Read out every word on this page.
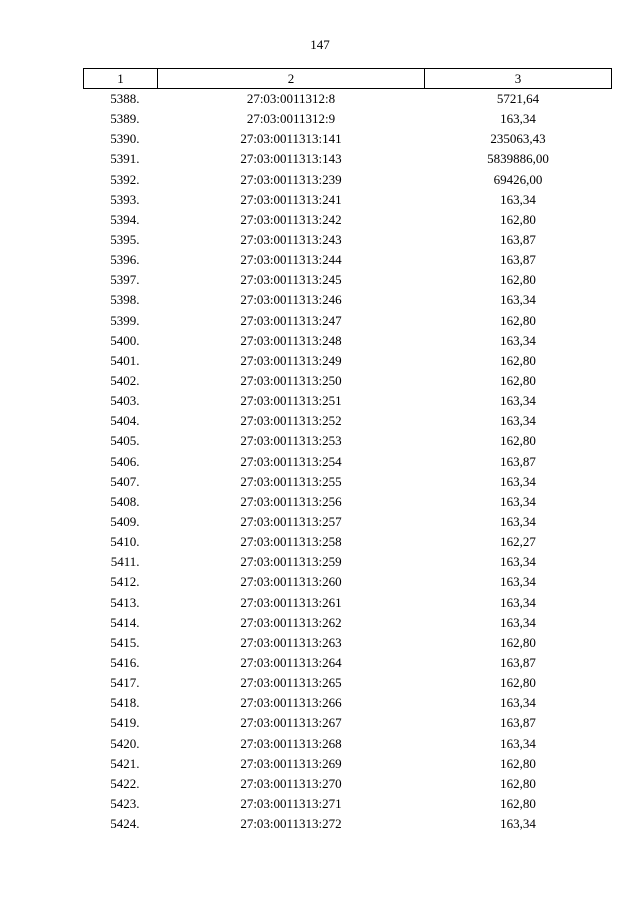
147
1	2	3
5388.	27:03:0011312:8	5721,64
5389.	27:03:0011312:9	163,34
5390.	27:03:0011313:141	235063,43
5391.	27:03:0011313:143	5839886,00
5392.	27:03:0011313:239	69426,00
5393.	27:03:0011313:241	163,34
5394.	27:03:0011313:242	162,80
5395.	27:03:0011313:243	163,87
5396.	27:03:0011313:244	163,87
5397.	27:03:0011313:245	162,80
5398.	27:03:0011313:246	163,34
5399.	27:03:0011313:247	162,80
5400.	27:03:0011313:248	163,34
5401.	27:03:0011313:249	162,80
5402.	27:03:0011313:250	162,80
5403.	27:03:0011313:251	163,34
5404.	27:03:0011313:252	163,34
5405.	27:03:0011313:253	162,80
5406.	27:03:0011313:254	163,87
5407.	27:03:0011313:255	163,34
5408.	27:03:0011313:256	163,34
5409.	27:03:0011313:257	163,34
5410.	27:03:0011313:258	162,27
5411.	27:03:0011313:259	163,34
5412.	27:03:0011313:260	163,34
5413.	27:03:0011313:261	163,34
5414.	27:03:0011313:262	163,34
5415.	27:03:0011313:263	162,80
5416.	27:03:0011313:264	163,87
5417.	27:03:0011313:265	162,80
5418.	27:03:0011313:266	163,34
5419.	27:03:0011313:267	163,87
5420.	27:03:0011313:268	163,34
5421.	27:03:0011313:269	162,80
5422.	27:03:0011313:270	162,80
5423.	27:03:0011313:271	162,80
5424.	27:03:0011313:272	163,34
